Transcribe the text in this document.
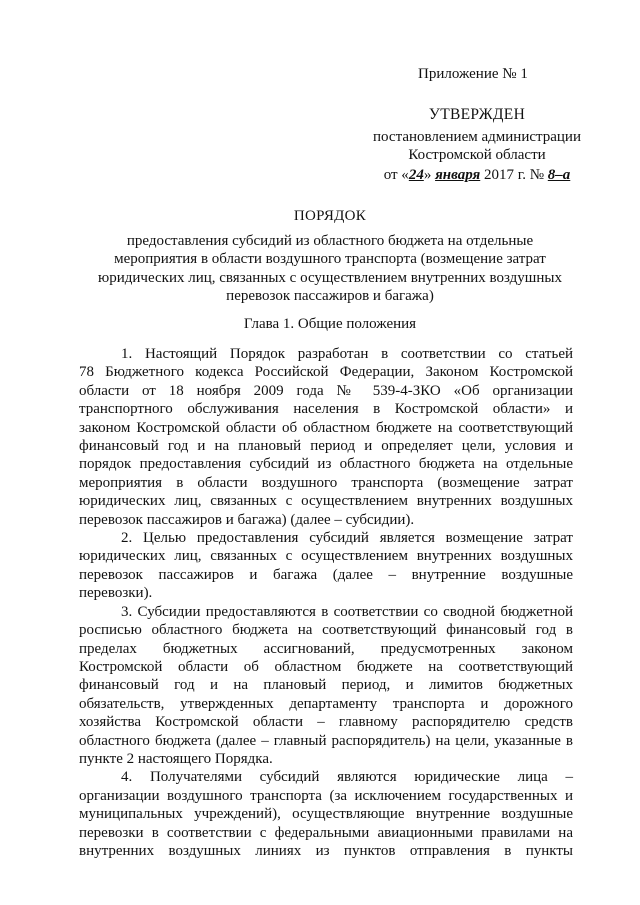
Приложение № 1
УТВЕРЖДЕН
постановлением администрации
Костромской области
от «24» января 2017 г. № 8–а
ПОРЯДОК
предоставления субсидий из областного бюджета на отдельные
мероприятия в области воздушного транспорта (возмещение затрат
юридических лиц, связанных с осуществлением внутренних воздушных
перевозок пассажиров и багажа)
Глава 1. Общие положения
1. Настоящий Порядок разработан в соответствии со статьей
78 Бюджетного кодекса Российской Федерации, Законом Костромской
области от 18 ноября 2009 года № 539-4-ЗКО «Об организации
транспортного обслуживания населения в Костромской области» и
законом Костромской области об областном бюджете на соответствующий
финансовый год и на плановый период и определяет цели, условия и
порядок предоставления субсидий из областного бюджета на отдельные
мероприятия в области воздушного транспорта (возмещение затрат
юридических лиц, связанных с осуществлением внутренних воздушных
перевозок пассажиров и багажа) (далее – субсидии).
2. Целью предоставления субсидий является возмещение затрат
юридических лиц, связанных с осуществлением внутренних воздушных
перевозок пассажиров и багажа (далее – внутренние воздушные
перевозки).
3. Субсидии предоставляются в соответствии со сводной бюджетной
росписью областного бюджета на соответствующий финансовый год в
пределах бюджетных ассигнований, предусмотренных законом
Костромской области об областном бюджете на соответствующий
финансовый год и на плановый период, и лимитов бюджетных
обязательств, утвержденных департаменту транспорта и дорожного
хозяйства Костромской области – главному распорядителю средств
областного бюджета (далее – главный распорядитель) на цели, указанные в
пункте 2 настоящего Порядка.
4. Получателями субсидий являются юридические лица –
организации воздушного транспорта (за исключением государственных и
муниципальных учреждений), осуществляющие внутренние воздушные
перевозки в соответствии с федеральными авиационными правилами на
внутренних воздушных линиях из пунктов отправления в пункты
